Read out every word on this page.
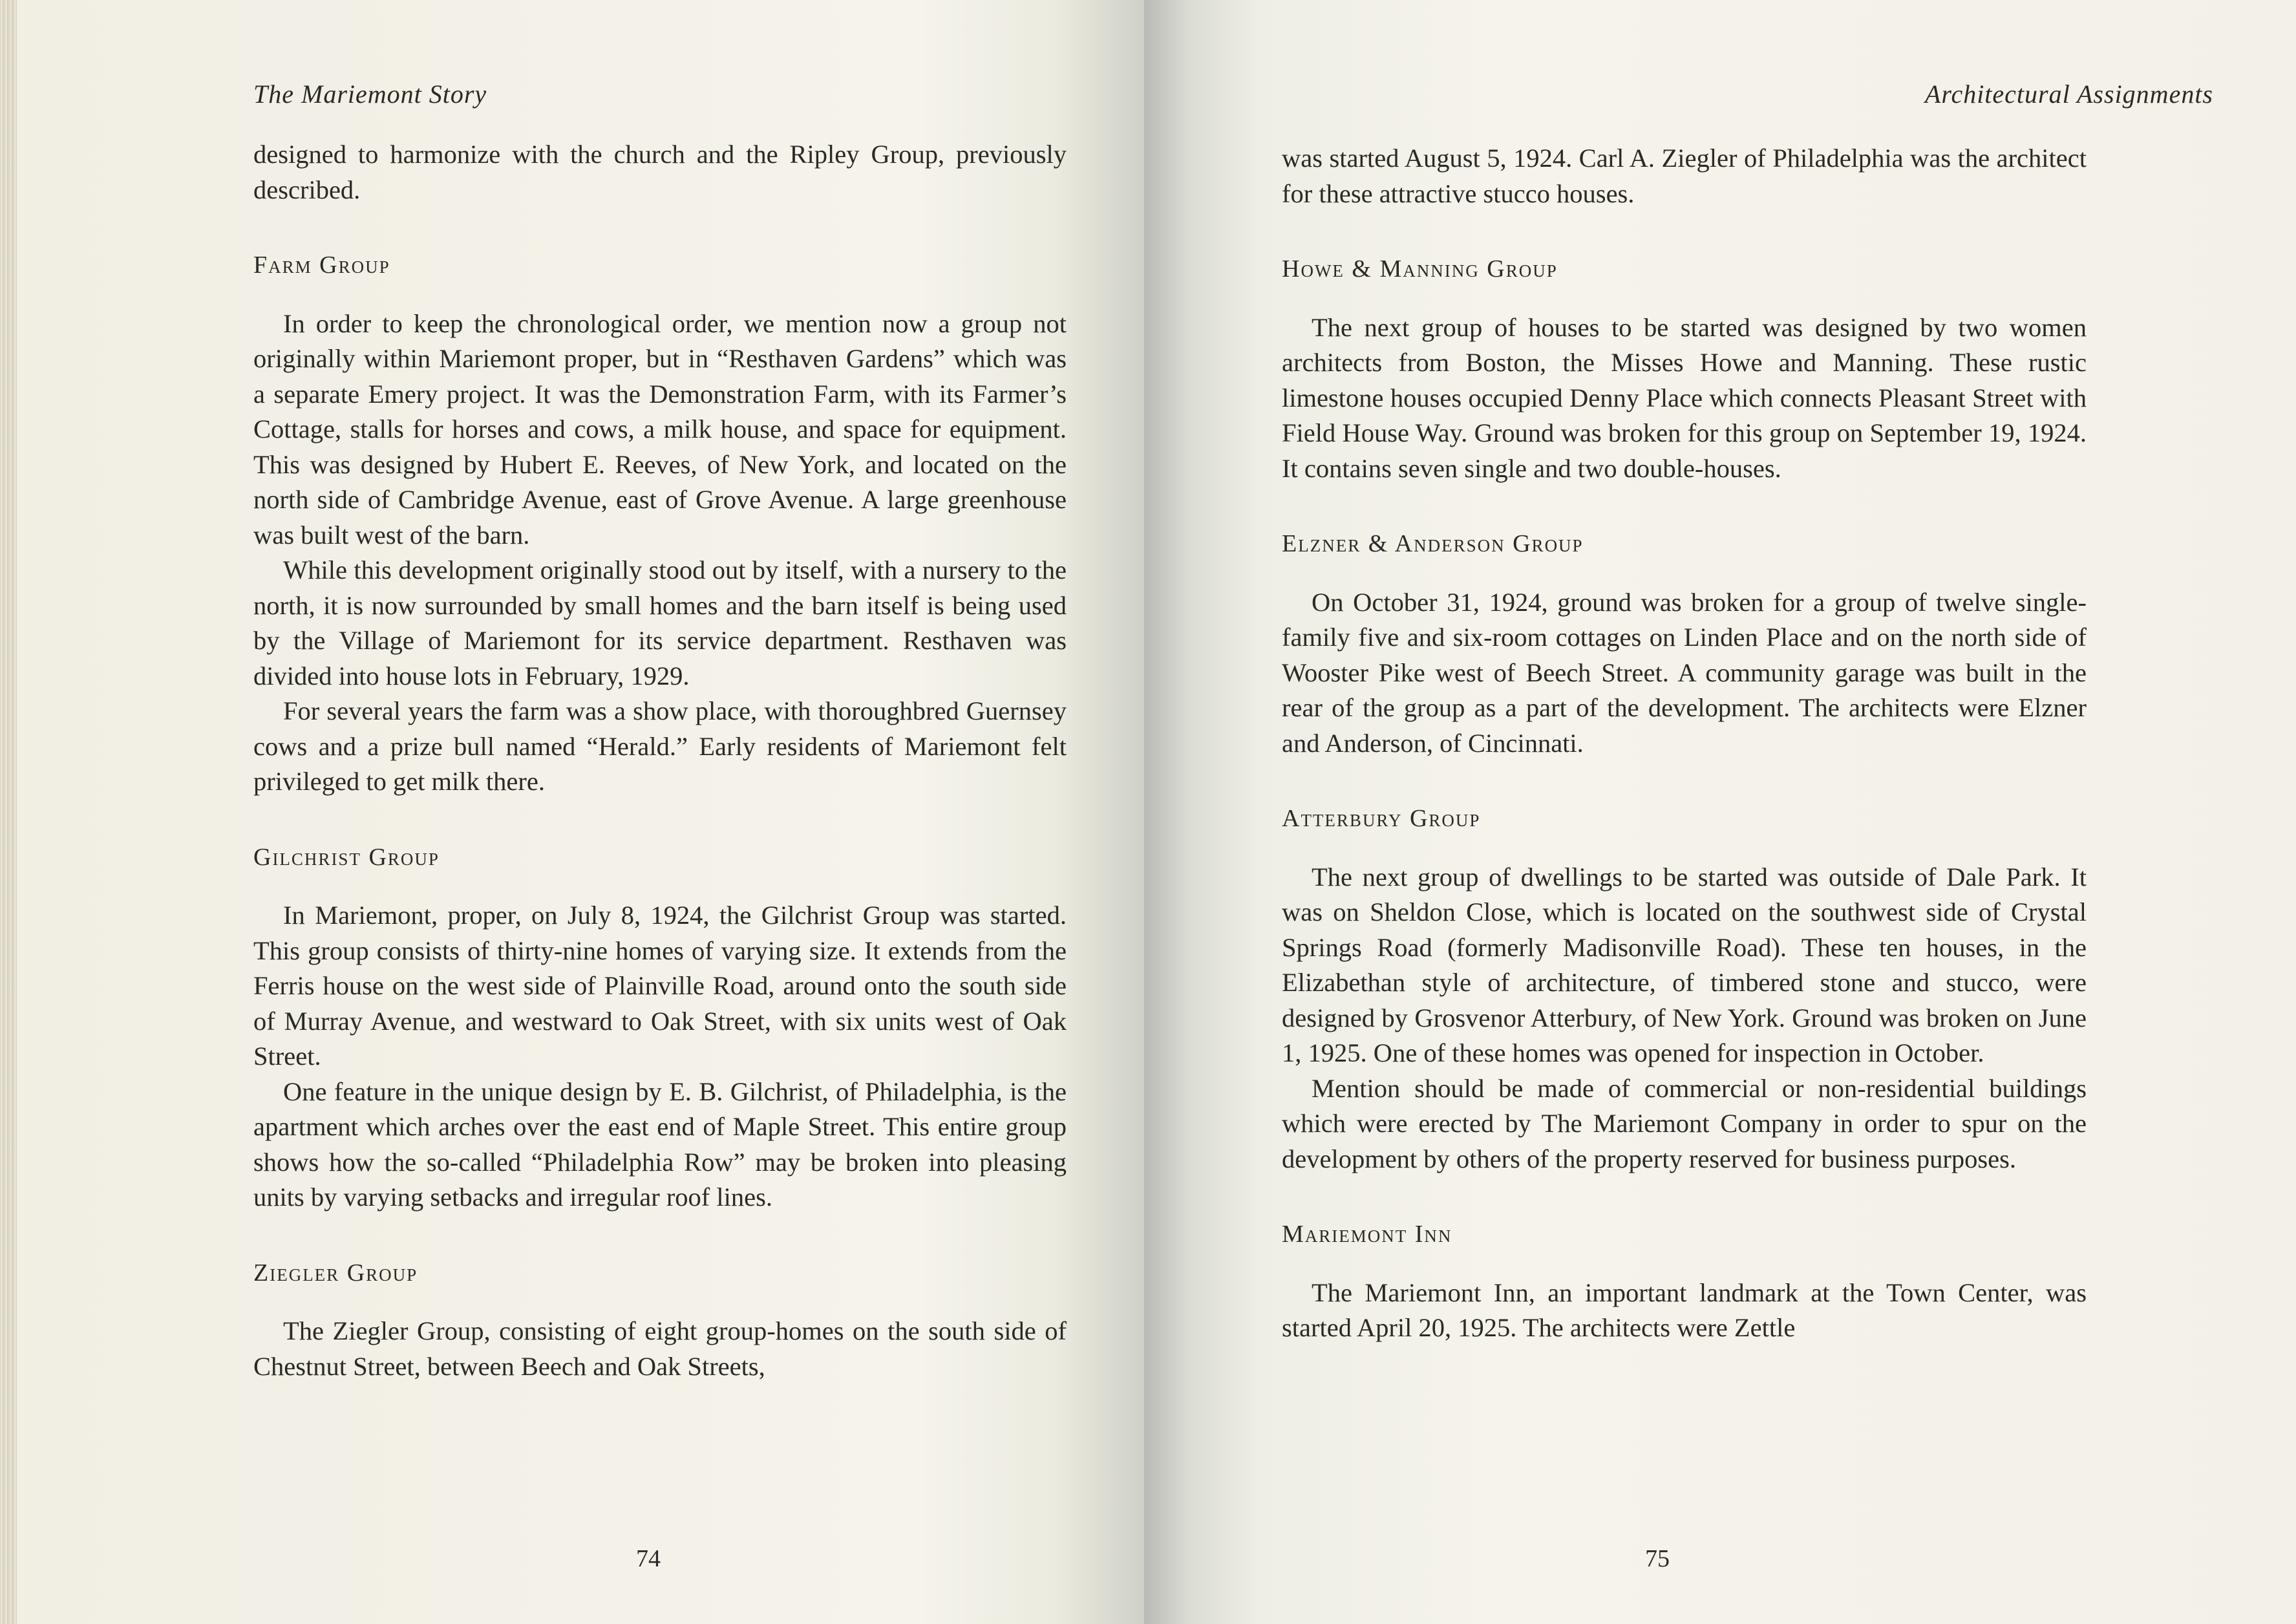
The Mariemont Story

designed to harmonize with the church and the Ripley Group, previously described.

Farm Group

In order to keep the chronological order, we mention now a group not originally within Mariemont proper, but in “Resthaven Gardens” which was a separate Emery project. It was the Demonstration Farm, with its Farmer’s Cottage, stalls for horses and cows, a milk house, and space for equipment. This was designed by Hubert E. Reeves, of New York, and located on the north side of Cambridge Avenue, east of Grove Avenue. A large greenhouse was built west of the barn.

While this development originally stood out by itself, with a nursery to the north, it is now surrounded by small homes and the barn itself is being used by the Village of Mariemont for its service department. Resthaven was divided into house lots in February, 1929.

For several years the farm was a show place, with thoroughbred Guernsey cows and a prize bull named “Herald.” Early residents of Mariemont felt privileged to get milk there.

Gilchrist Group

In Mariemont, proper, on July 8, 1924, the Gilchrist Group was started. This group consists of thirty-nine homes of varying size. It extends from the Ferris house on the west side of Plainville Road, around onto the south side of Murray Avenue, and westward to Oak Street, with six units west of Oak Street.

One feature in the unique design by E. B. Gilchrist, of Philadelphia, is the apartment which arches over the east end of Maple Street. This entire group shows how the so-called “Philadelphia Row” may be broken into pleasing units by varying setbacks and irregular roof lines.

Ziegler Group

The Ziegler Group, consisting of eight group-homes on the south side of Chestnut Street, between Beech and Oak Streets,

74
Architectural Assignments

was started August 5, 1924. Carl A. Ziegler of Philadelphia was the architect for these attractive stucco houses.

Howe & Manning Group

The next group of houses to be started was designed by two women architects from Boston, the Misses Howe and Manning. These rustic limestone houses occupied Denny Place which connects Pleasant Street with Field House Way. Ground was broken for this group on September 19, 1924. It contains seven single and two double-houses.

Elzner & Anderson Group

On October 31, 1924, ground was broken for a group of twelve single-family five and six-room cottages on Linden Place and on the north side of Wooster Pike west of Beech Street. A community garage was built in the rear of the group as a part of the development. The architects were Elzner and Anderson, of Cincinnati.

Atterbury Group

The next group of dwellings to be started was outside of Dale Park. It was on Sheldon Close, which is located on the southwest side of Crystal Springs Road (formerly Madisonville Road). These ten houses, in the Elizabethan style of architecture, of timbered stone and stucco, were designed by Grosvenor Atterbury, of New York. Ground was broken on June 1, 1925. One of these homes was opened for inspection in October.

Mention should be made of commercial or non-residential buildings which were erected by The Mariemont Company in order to spur on the development by others of the property reserved for business purposes.

Mariemont Inn

The Mariemont Inn, an important landmark at the Town Center, was started April 20, 1925. The architects were Zettle

75
